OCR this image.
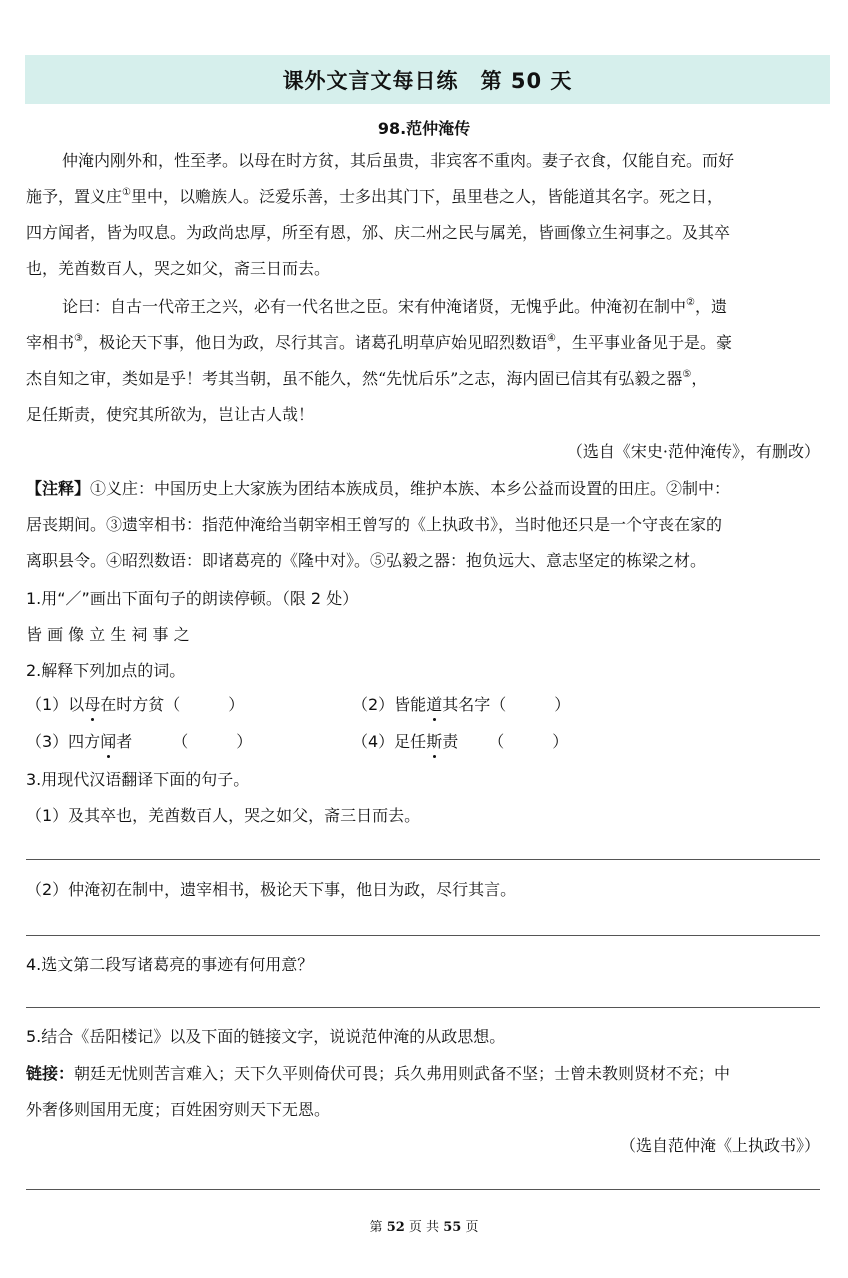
课外文言文每日练 第 50 天
98.范仲淹传
仲淹内刚外和，性至孝。以母在时方贫，其后虽贵，非宾客不重肉。妻子衣食，仅能自充。而好
施予，置义庄①里中，以赡族人。泛爱乐善，士多出其门下，虽里巷之人，皆能道其名字。死之日，
四方闻者，皆为叹息。为政尚忠厚，所至有恩，邠、庆二州之民与属羌，皆画像立生祠事之。及其卒
也，羌酋数百人，哭之如父，斋三日而去。
论曰：自古一代帝王之兴，必有一代名世之臣。宋有仲淹诸贤，无愧乎此。仲淹初在制中②，遗
宰相书③，极论天下事，他日为政，尽行其言。诸葛孔明草庐始见昭烈数语④，生平事业备见于是。豪
杰自知之审，类如是乎！考其当朝，虽不能久，然“先忧后乐”之志，海内固已信其有弘毅之器⑤，
足任斯责，使究其所欲为，岂让古人哉！
（选自《宋史·范仲淹传》，有删改）
【注释】①义庄：中国历史上大家族为团结本族成员，维护本族、本乡公益而设置的田庄。②制中：
居丧期间。③遗宰相书：指范仲淹给当朝宰相王曾写的《上执政书》，当时他还只是一个守丧在家的
离职县令。④昭烈数语：即诸葛亮的《隆中对》。⑤弘毅之器：抱负远大、意志坚定的栋梁之材。
1.用“／”画出下面句子的朗读停顿。（限 2 处）
皆 画 像 立 生 祠 事 之
2.解释下列加点的词。
（1）以母在时方贫（　　　）	（2）皆能道其名字（　　　）
（3）四方闻者	（　　　）	（4）足任斯责 （　　　）
3.用现代汉语翻译下面的句子。
（1）及其卒也，羌酋数百人，哭之如父，斋三日而去。
（2）仲淹初在制中，遗宰相书，极论天下事，他日为政，尽行其言。
4.选文第二段写诸葛亮的事迹有何用意？
5.结合《岳阳楼记》以及下面的链接文字，说说范仲淹的从政思想。
链接：朝廷无忧则苦言难入；天下久平则倚伏可畏；兵久弗用则武备不坚；士曾未教则贤材不充；中
外奢侈则国用无度；百姓困穷则天下无恩。
（选自范仲淹《上执政书》）
第 52 页 共 55 页
